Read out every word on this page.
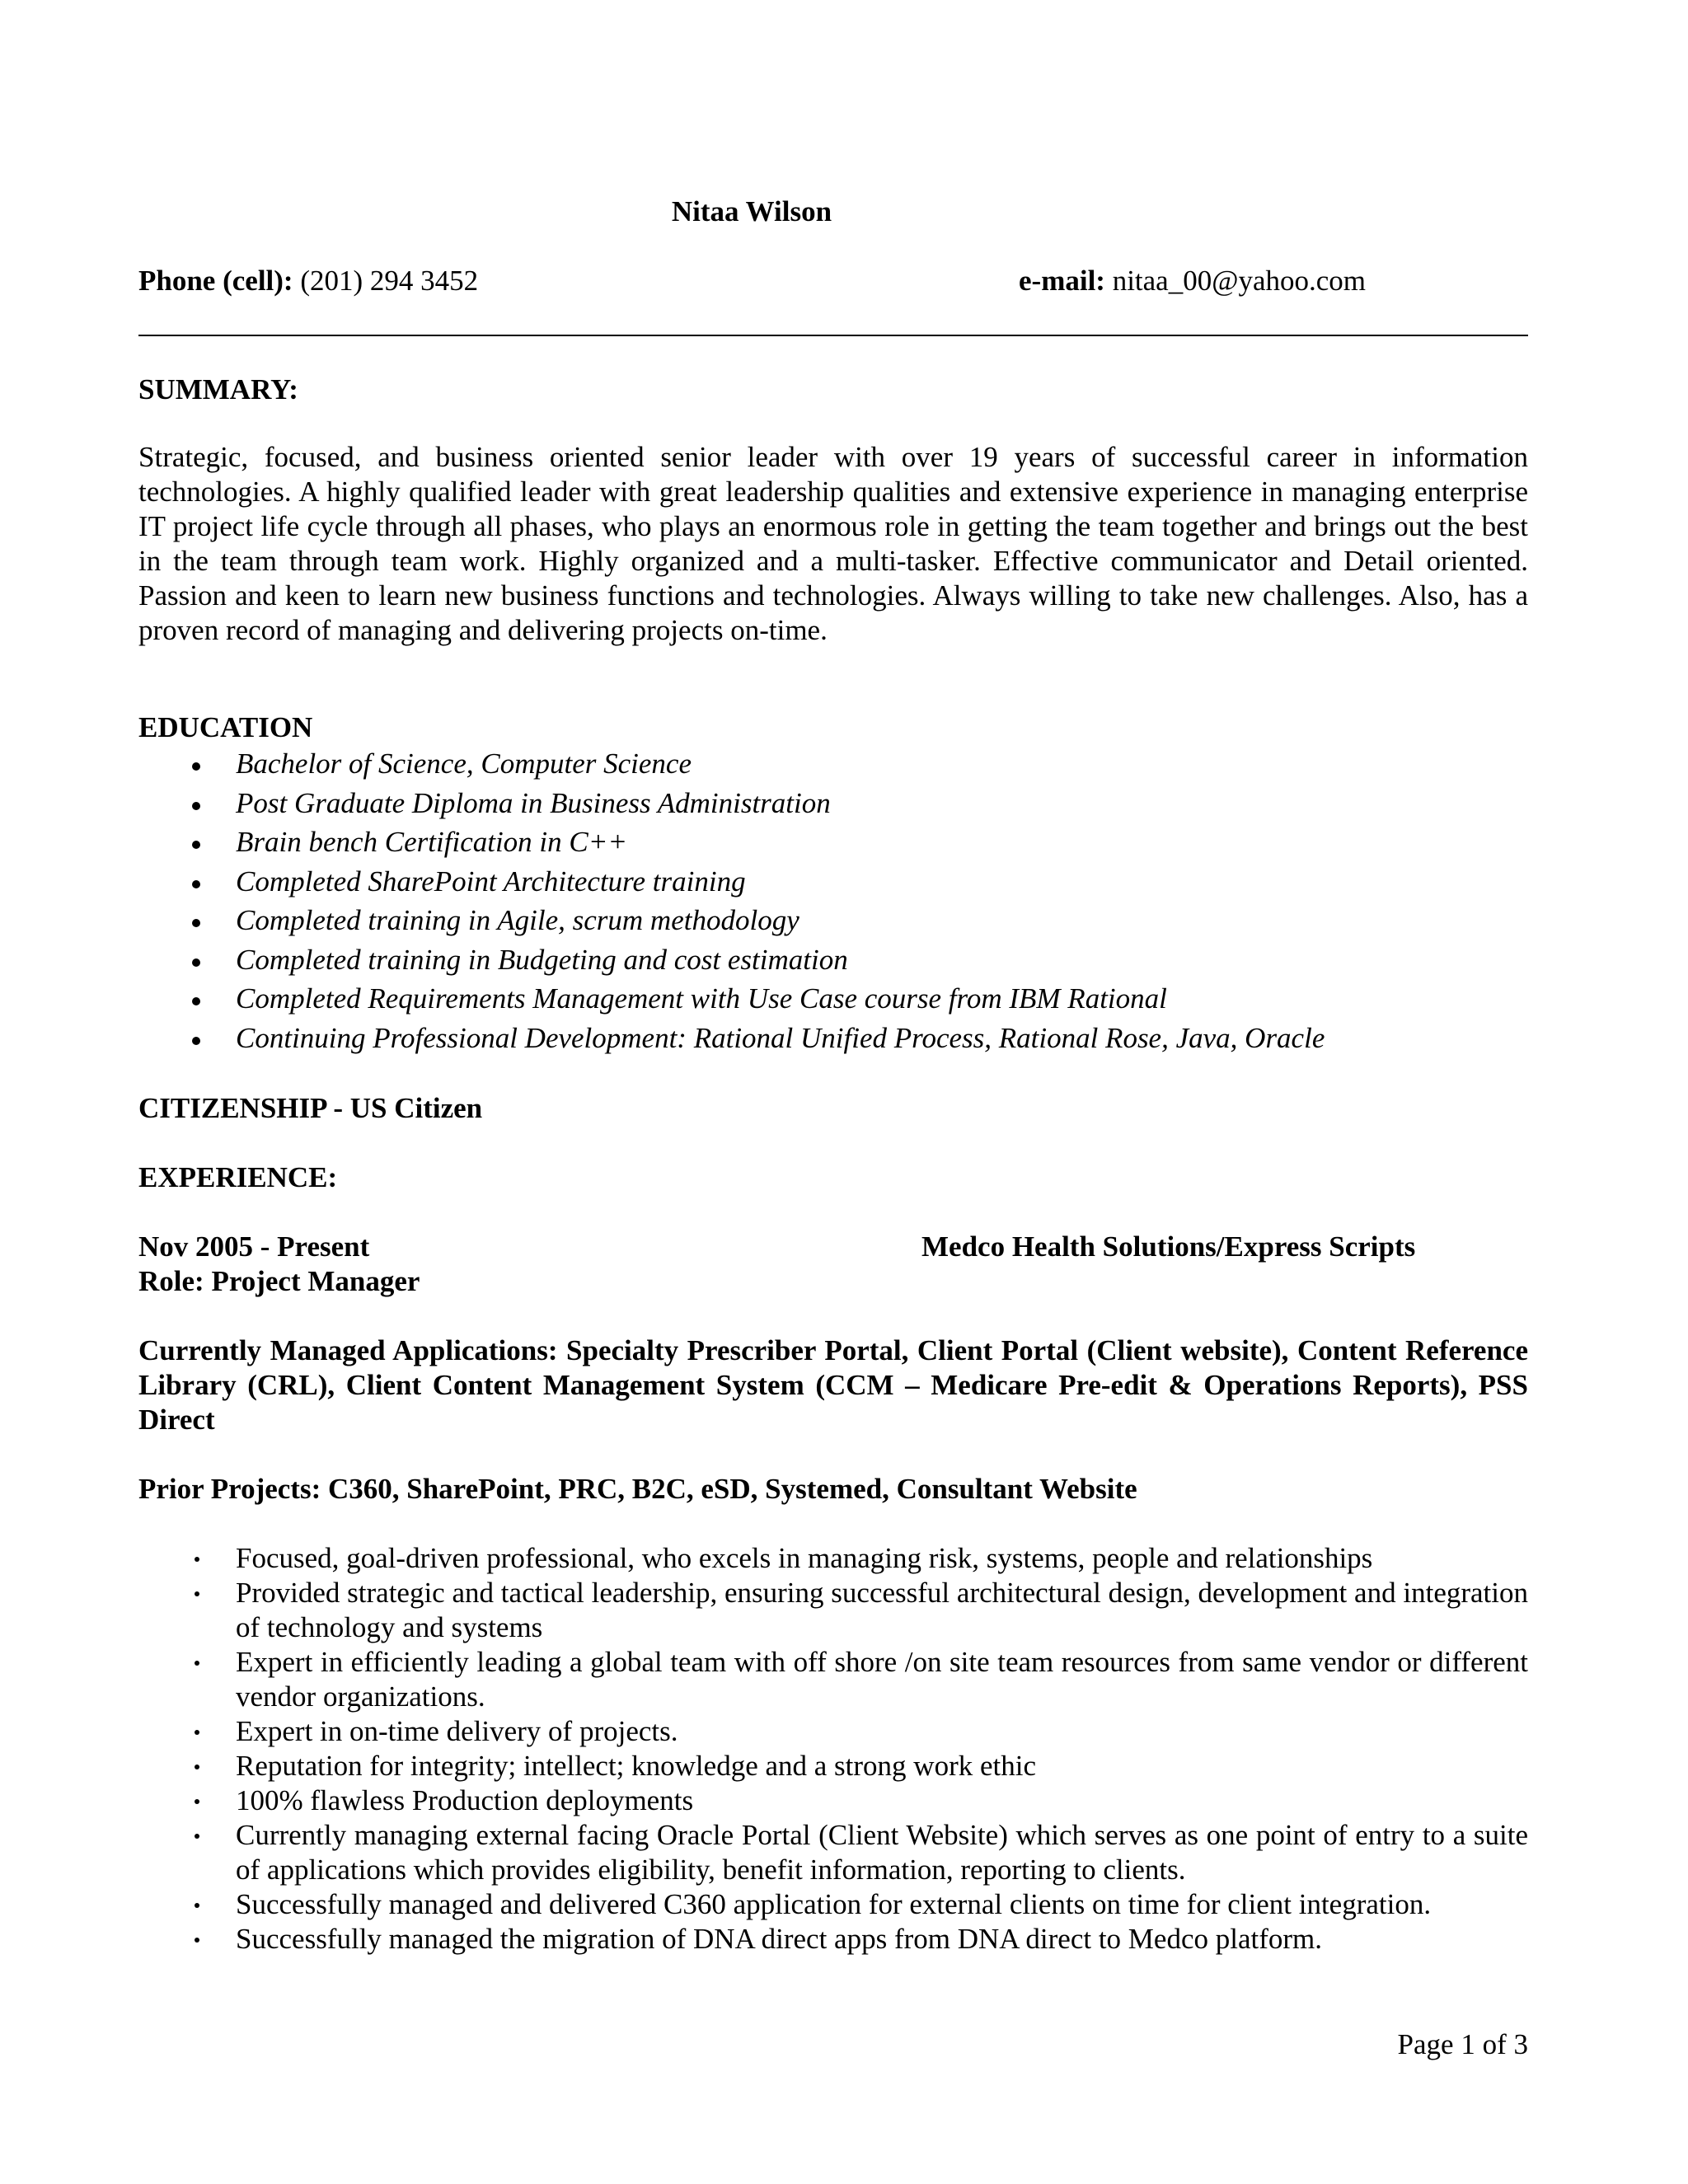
Nitaa Wilson
Phone (cell): (201) 294 3452	e-mail: nitaa_00@yahoo.com
SUMMARY:
Strategic, focused, and business oriented senior leader with over 19 years of successful career in information technologies. A highly qualified leader with great leadership qualities and extensive experience in managing enterprise IT project life cycle through all phases, who plays an enormous role in getting the team together and brings out the best in the team through team work. Highly organized and a multi-tasker. Effective communicator and Detail oriented. Passion and keen to learn new business functions and technologies. Always willing to take new challenges. Also, has a proven record of managing and delivering projects on-time.
EDUCATION
Bachelor of Science, Computer Science
Post Graduate Diploma in Business Administration
Brain bench Certification in C++
Completed SharePoint Architecture training
Completed training in Agile, scrum methodology
Completed training in Budgeting and cost estimation
Completed Requirements Management with Use Case course from IBM Rational
Continuing Professional Development: Rational Unified Process, Rational Rose, Java, Oracle
CITIZENSHIP - US Citizen
EXPERIENCE:
Nov 2005 - Present	Medco Health Solutions/Express Scripts
Role: Project Manager
Currently Managed Applications: Specialty Prescriber Portal, Client Portal (Client website), Content Reference Library (CRL), Client Content Management System (CCM – Medicare Pre-edit & Operations Reports), PSS Direct
Prior Projects: C360, SharePoint, PRC, B2C, eSD, Systemed, Consultant Website
Focused, goal-driven professional, who excels in managing risk, systems, people and relationships
Provided strategic and tactical leadership, ensuring successful architectural design, development and integration of technology and systems
Expert in efficiently leading a global team with off shore /on site team resources from same vendor or different vendor organizations.
Expert in on-time delivery of projects.
Reputation for integrity; intellect; knowledge and a strong work ethic
100% flawless Production deployments
Currently managing external facing Oracle Portal (Client Website) which serves as one point of entry to a suite of applications which provides eligibility, benefit information, reporting to clients.
Successfully managed and delivered C360 application for external clients on time for client integration.
Successfully managed the migration of DNA direct apps from DNA direct to Medco platform.
Page 1 of 3
